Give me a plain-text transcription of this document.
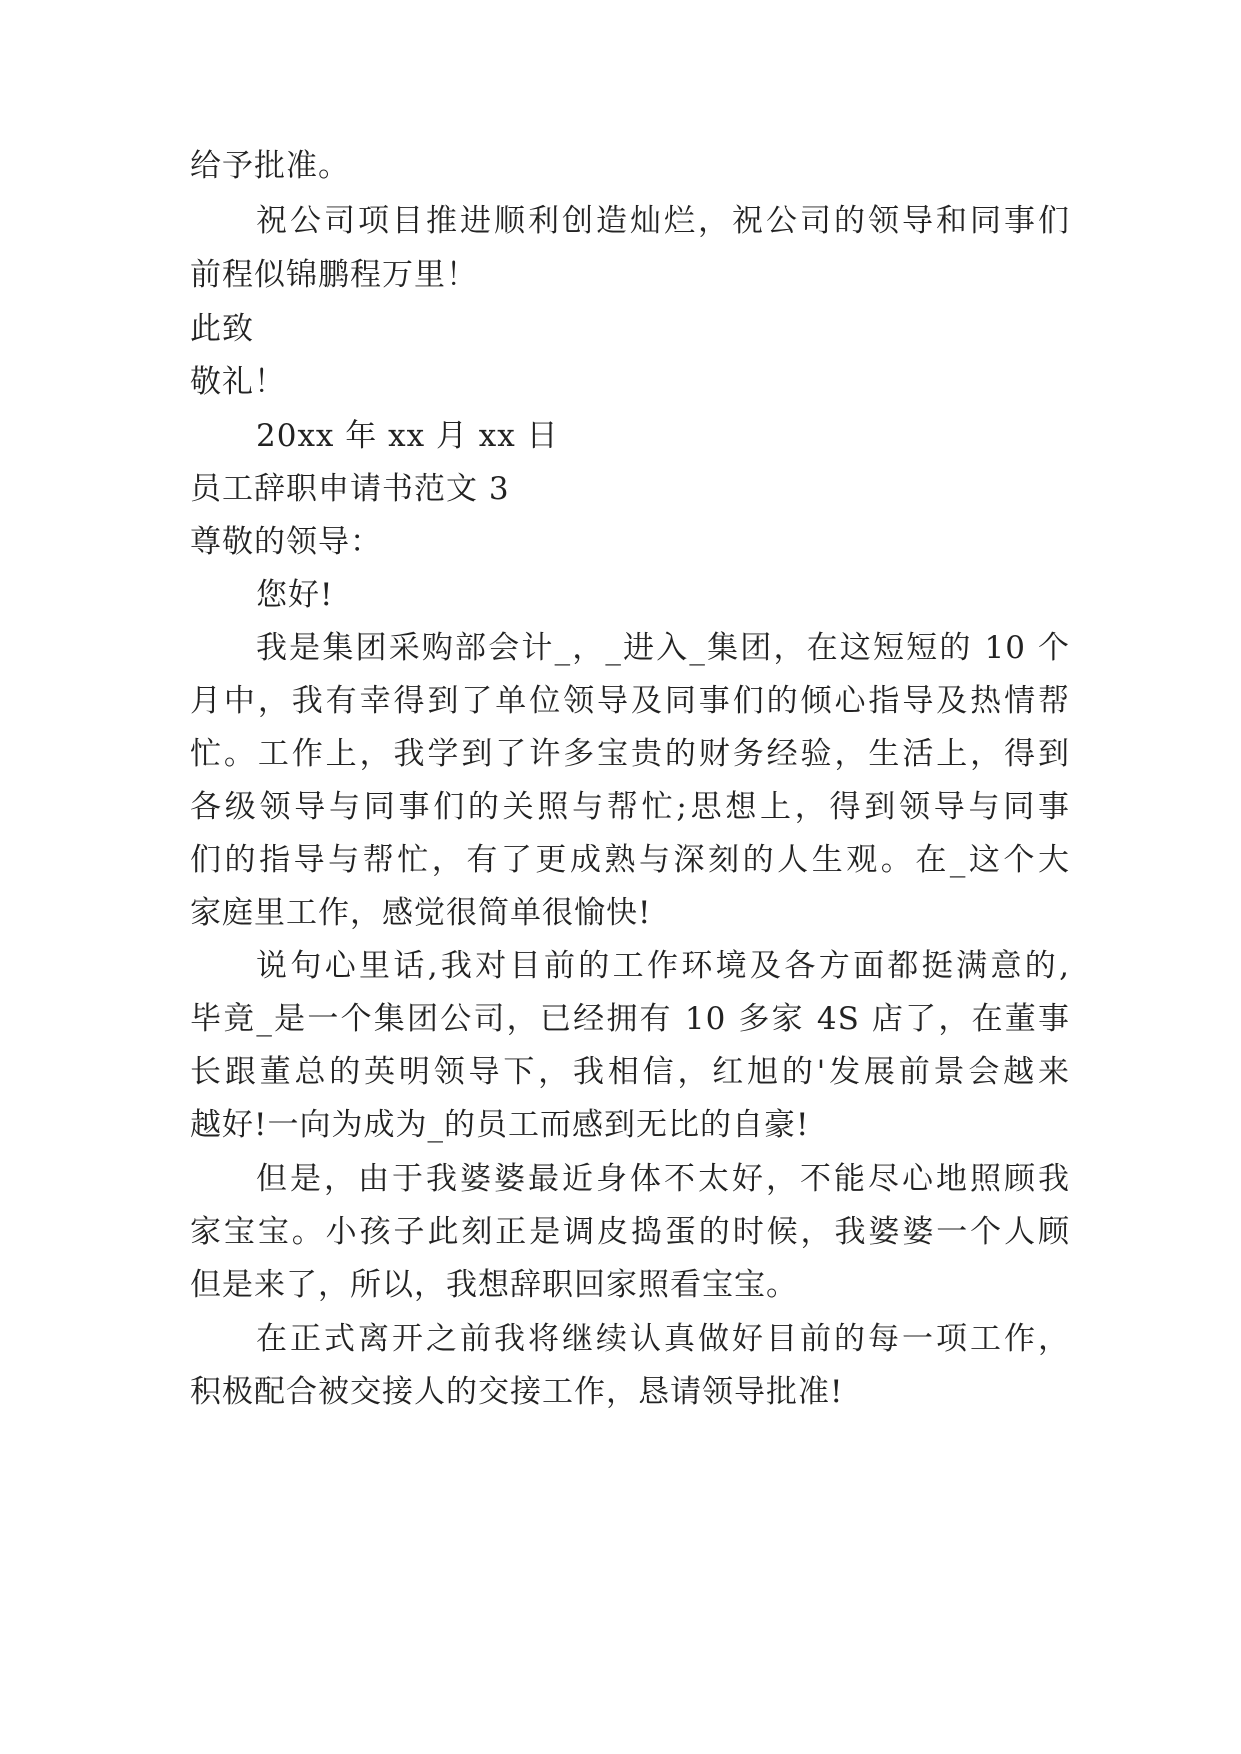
给予批准。
祝公司项目推进顺利创造灿烂，祝公司的领导和同事们
前程似锦鹏程万里！
此致
敬礼！
20xx 年 xx 月 xx 日
员工辞职申请书范文 3
尊敬的领导：
您好!
我是集团采购部会计_，_进入_集团，在这短短的 10 个
月中，我有幸得到了单位领导及同事们的倾心指导及热情帮
忙。工作上，我学到了许多宝贵的财务经验，生活上，得到
各级领导与同事们的关照与帮忙;思想上，得到领导与同事
们的指导与帮忙，有了更成熟与深刻的人生观。在_这个大
家庭里工作，感觉很简单很愉快!
说句心里话,我对目前的工作环境及各方面都挺满意的,
毕竟_是一个集团公司，已经拥有 10 多家 4S 店了，在董事
长跟董总的英明领导下，我相信，红旭的'发展前景会越来
越好!一向为成为_的员工而感到无比的自豪!
但是，由于我婆婆最近身体不太好，不能尽心地照顾我
家宝宝。小孩子此刻正是调皮捣蛋的时候，我婆婆一个人顾
但是来了，所以，我想辞职回家照看宝宝。
在正式离开之前我将继续认真做好目前的每一项工作，
积极配合被交接人的交接工作，恳请领导批准!
